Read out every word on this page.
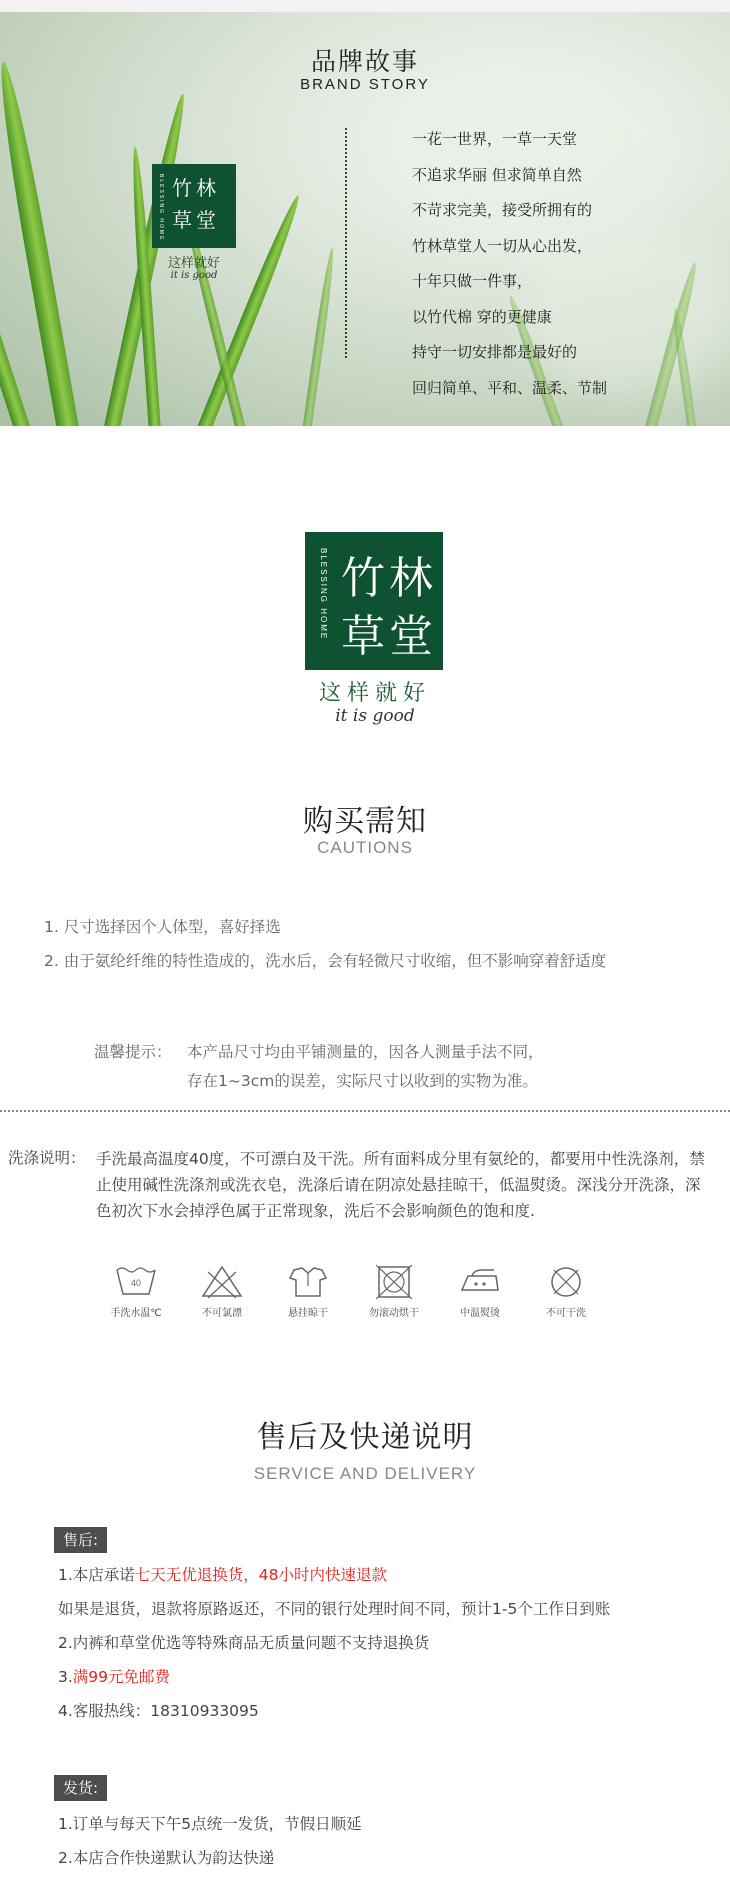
品牌故事
BRAND STORY
竹 林
草 堂
BLESSING HOME
这样就好
it is good
一花一世界，一草一天堂
不追求华丽 但求简单自然
不苛求完美，接受所拥有的
竹林草堂人一切从心出发，
十年只做一件事，
以竹代棉 穿的更健康
持守一切安排都是最好的
回归简单、平和、温柔、节制
竹 林
草 堂
BLESSING HOME
这样就好
it is good
购买需知
CAUTIONS
1. 尺寸选择因个人体型，喜好择选
2. 由于氨纶纤维的特性造成的，洗水后，会有轻微尺寸收缩，但不影响穿着舒适度
温馨提示： 本产品尺寸均由平铺测量的，因各人测量手法不同，
存在1~3cm的误差，实际尺寸以收到的实物为准。
洗涤说明： 手洗最高温度40度，不可漂白及干洗。所有面料成分里有氨纶的，都要用中性洗涤剂，禁止使用碱性洗涤剂或洗衣皂，洗涤后请在阴凉处悬挂晾干，低温熨烫。深浅分开洗涤，深色初次下水会掉浮色属于正常现象，洗后不会影响颜色的饱和度.
40
手洗水温℃	不可氯漂	悬挂晾干	勿滚动烘干	中温熨烫	不可干洗
售后及快递说明
SERVICE AND DELIVERY
售后:
1.本店承诺七天无优退换货，48小时内快速退款
如果是退货，退款将原路返还，不同的银行处理时间不同，预计1-5个工作日到账
2.内裤和草堂优选等特殊商品无质量问题不支持退换货
3.满99元免邮费
4.客服热线：18310933095
发货:
1.订单与每天下午5点统一发货，节假日顺延
2.本店合作快递默认为韵达快递
